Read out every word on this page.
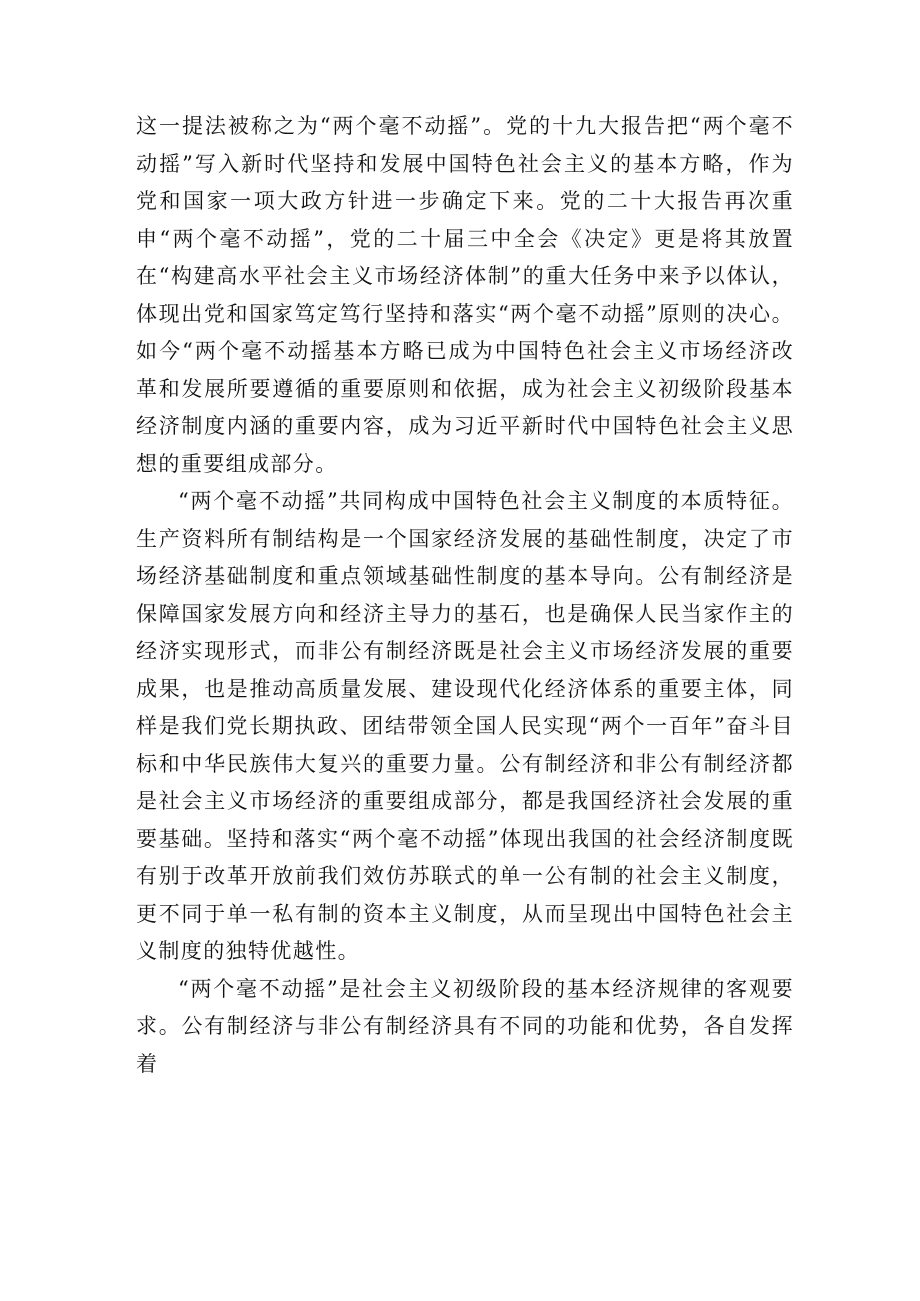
这一提法被称之为“两个毫不动摇”。党的十九大报告把“两个毫不动摇”写入新时代坚持和发展中国特色社会主义的基本方略，作为党和国家一项大政方针进一步确定下来。党的二十大报告再次重申“两个毫不动摇”，党的二十届三中全会《决定》更是将其放置在“构建高水平社会主义市场经济体制”的重大任务中来予以体认，体现出党和国家笃定笃行坚持和落实“两个毫不动摇”原则的决心。如今“两个毫不动摇基本方略已成为中国特色社会主义市场经济改革和发展所要遵循的重要原则和依据，成为社会主义初级阶段基本经济制度内涵的重要内容，成为习近平新时代中国特色社会主义思想的重要组成部分。

“两个毫不动摇”共同构成中国特色社会主义制度的本质特征。生产资料所有制结构是一个国家经济发展的基础性制度，决定了市场经济基础制度和重点领域基础性制度的基本导向。公有制经济是保障国家发展方向和经济主导力的基石，也是确保人民当家作主的经济实现形式，而非公有制经济既是社会主义市场经济发展的重要成果，也是推动高质量发展、建设现代化经济体系的重要主体，同样是我们党长期执政、团结带领全国人民实现“两个一百年”奋斗目标和中华民族伟大复兴的重要力量。公有制经济和非公有制经济都是社会主义市场经济的重要组成部分，都是我国经济社会发展的重要基础。坚持和落实“两个毫不动摇”体现出我国的社会经济制度既有别于改革开放前我们效仿苏联式的单一公有制的社会主义制度，更不同于单一私有制的资本主义制度，从而呈现出中国特色社会主义制度的独特优越性。

“两个毫不动摇”是社会主义初级阶段的基本经济规律的客观要求。公有制经济与非公有制经济具有不同的功能和优势，各自发挥着
